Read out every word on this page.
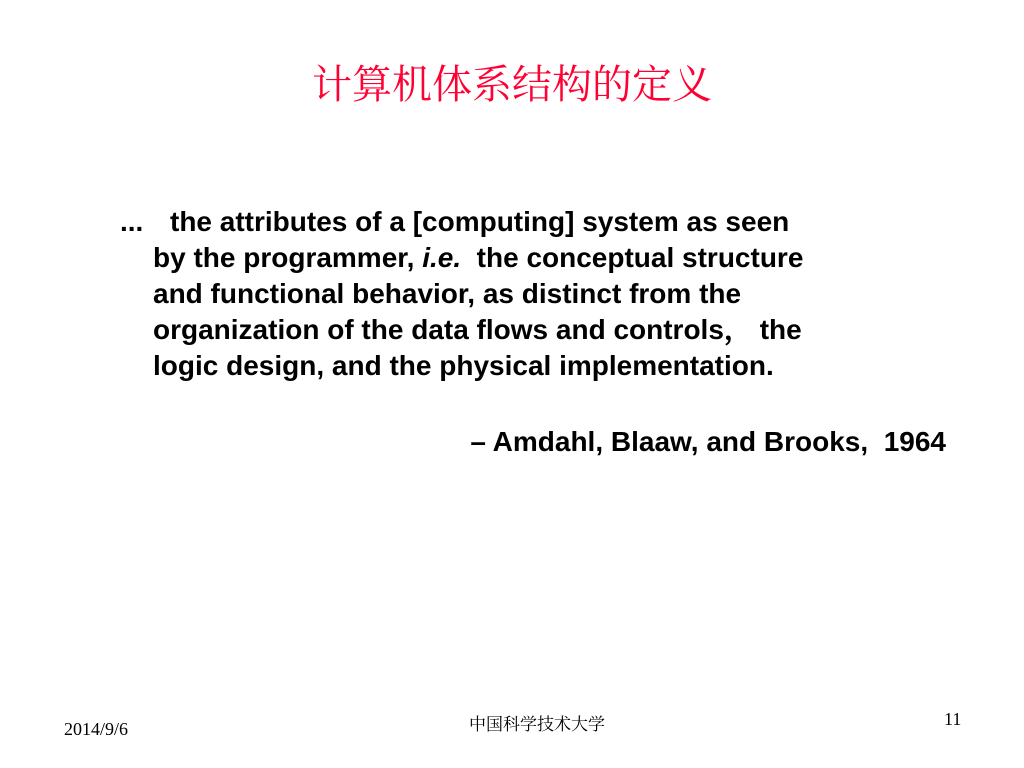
计算机体系结构的定义
... the attributes of a [computing] system as seen
by the programmer, i.e.  the conceptual structure
and functional behavior, as distinct from the
organization of the data flows and controls， the
logic design, and the physical implementation.
– Amdahl, Blaaw, and Brooks,  1964
2014/9/6	中国科学技术大学	11
